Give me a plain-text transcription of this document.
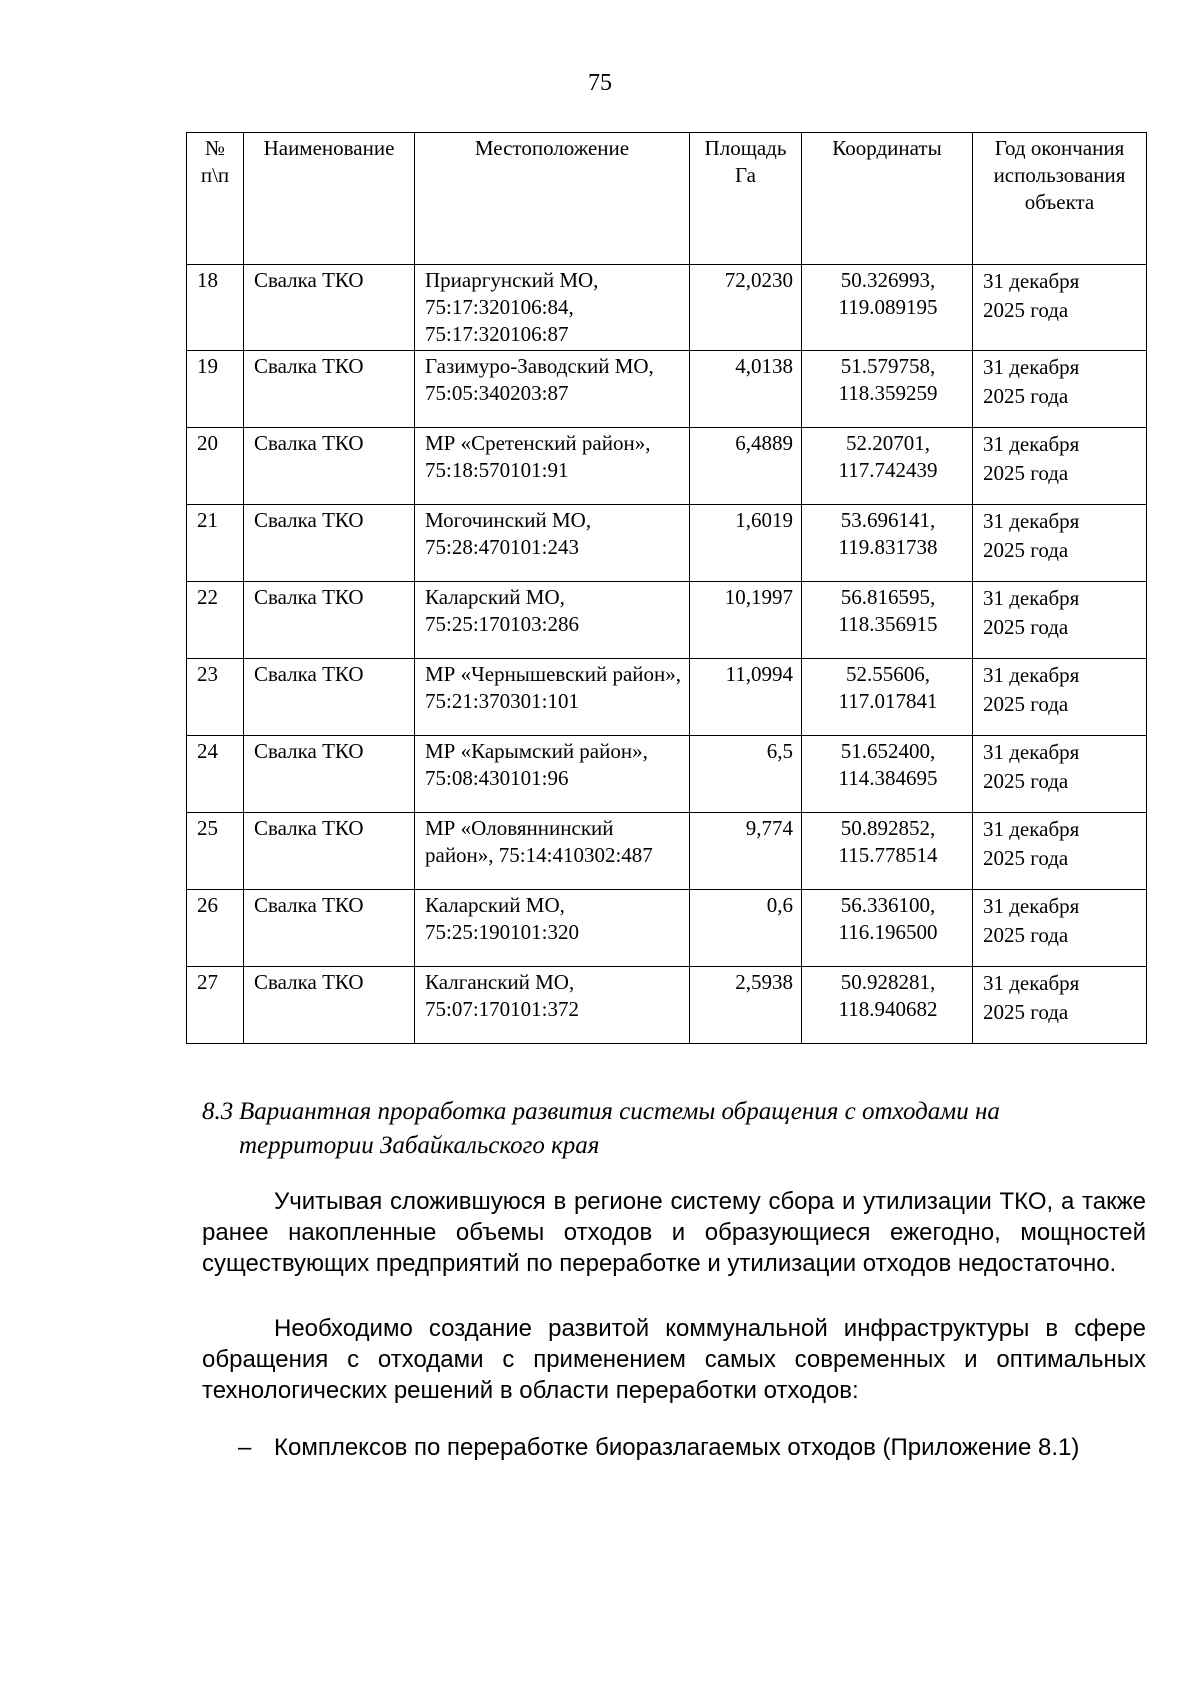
75
№ п\п	Наименование	Местоположение	Площадь Га	Координаты	Год окончания использования объекта
18	Свалка ТКО	Приаргунский МО, 75:17:320106:84, 75:17:320106:87	72,0230	50.326993, 119.089195	31 декабря
2025 года

19	Свалка ТКО	Газимуро-Заводский МО, 75:05:340203:87	4,0138	51.579758, 118.359259	31 декабря
2025 года

20	Свалка ТКО	МР «Сретенский район», 75:18:570101:91	6,4889	52.20701, 117.742439	31 декабря
2025 года

21	Свалка ТКО	Могочинский МО, 75:28:470101:243	1,6019	53.696141, 119.831738	31 декабря
2025 года

22	Свалка ТКО	Каларский МО, 75:25:170103:286	10,1997	56.816595, 118.356915	31 декабря
2025 года

23	Свалка ТКО	МР «Чернышевский район», 75:21:370301:101	11,0994	52.55606, 117.017841	31 декабря
2025 года

24	Свалка ТКО	МР «Карымский район», 75:08:430101:96	6,5	51.652400, 114.384695	31 декабря
2025 года

25	Свалка ТКО	МР «Оловяннинский район», 75:14:410302:487	9,774	50.892852, 115.778514	31 декабря
2025 года

26	Свалка ТКО	Каларский МО, 75:25:190101:320	0,6	56.336100, 116.196500	31 декабря
2025 года

27	Свалка ТКО	Калганский МО, 75:07:170101:372	2,5938	50.928281, 118.940682	31 декабря
2025 года
8.3 Вариантная проработка развития системы обращения с отходами на
территории Забайкальского края

Учитывая сложившуюся в регионе систему сбора и утилизации ТКО, а также ранее накопленные объемы отходов и образующиеся ежегодно, мощностей существующих предприятий по переработке и утилизации отходов недостаточно.

Необходимо создание развитой коммунальной инфраструктуры в сфере обращения с отходами с применением самых современных и оптимальных технологических решений в области переработки отходов:

– Комплексов по переработке биоразлагаемых отходов (Приложение 8.1)
